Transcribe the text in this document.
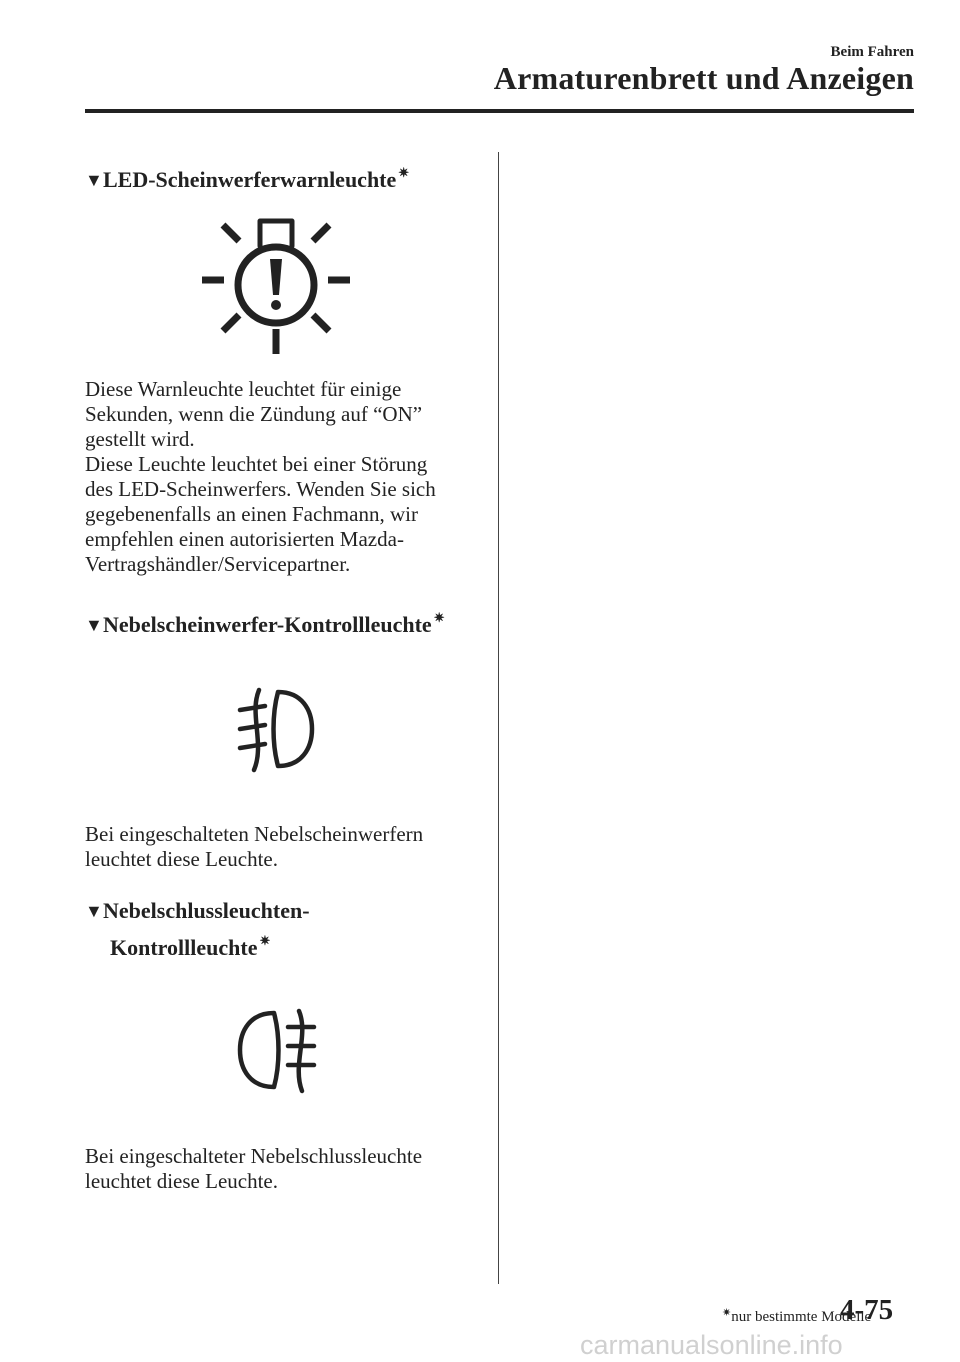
Beim Fahren
Armaturenbrett und Anzeigen
▼LED-Scheinwerferwarnleuchte ✷
Diese Warnleuchte leuchtet für einige
Sekunden, wenn die Zündung auf “ON”
gestellt wird.
Diese Leuchte leuchtet bei einer Störung
des LED-Scheinwerfers. Wenden Sie sich
gegebenenfalls an einen Fachmann, wir
empfehlen einen autorisierten Mazda-
Vertragshändler/Servicepartner.
▼Nebelscheinwerfer-Kontrollleuchte ✷
Bei eingeschalteten Nebelscheinwerfern
leuchtet diese Leuchte.
▼Nebelschlussleuchten-
Kontrollleuchte ✷
Bei eingeschalteter Nebelschlussleuchte
leuchtet diese Leuchte.
✷nur bestimmte Modelle
4-75
carmanualsonline.info
